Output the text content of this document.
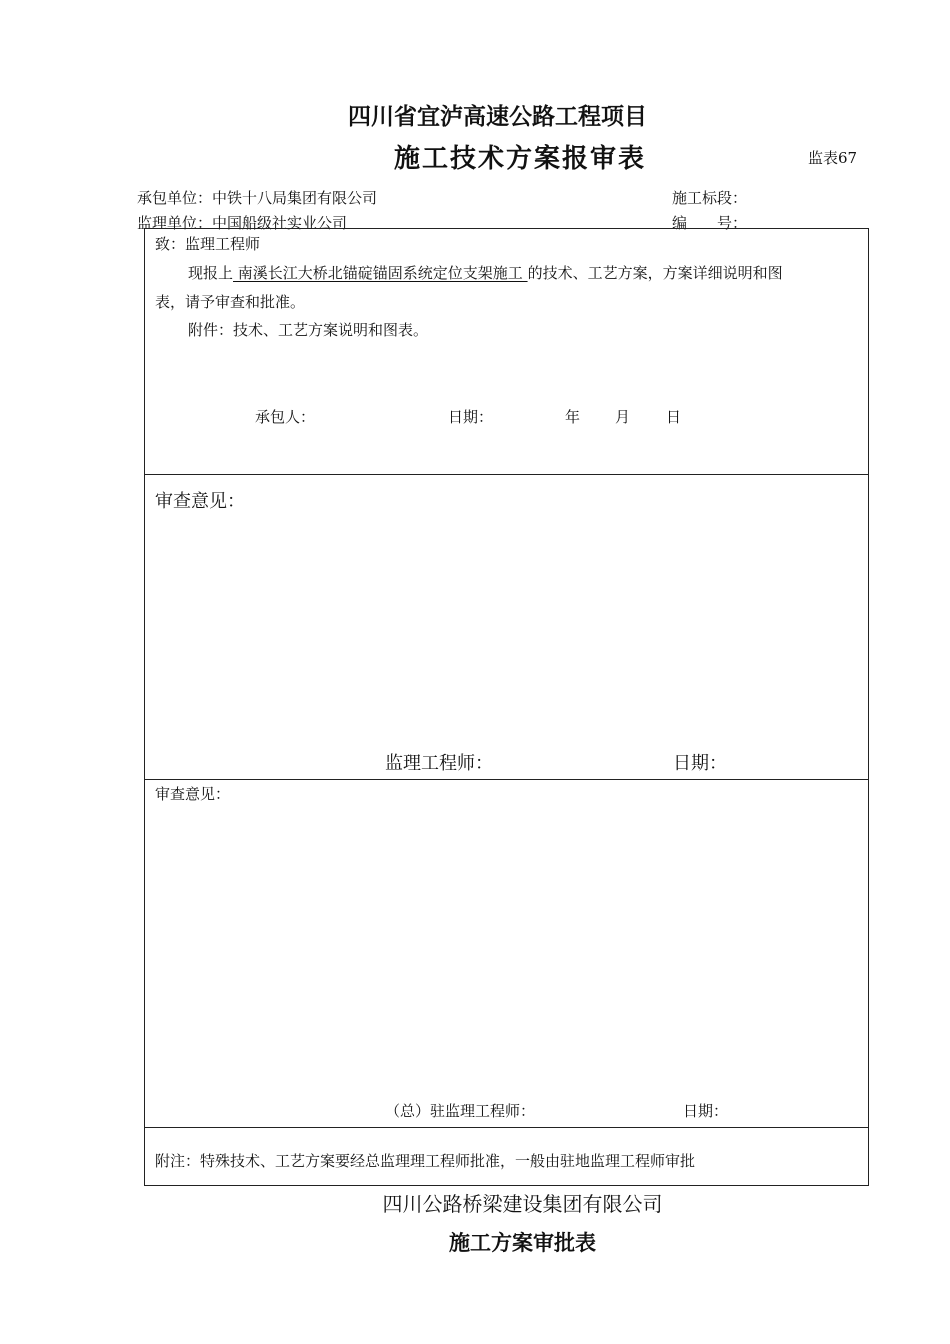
四川省宜泸高速公路工程项目
施工技术方案报审表	监表67
承包单位：中铁十八局集团有限公司	施工标段：
监理单位：中国船级社实业公司	编　　号：
致：监理工程师
现报上 南溪长江大桥北锚碇锚固系统定位支架施工 的技术、工艺方案，方案详细说明和图
表，请予审查和批准。
附件：技术、工艺方案说明和图表。
承包人：	日期：	年 月 日
审查意见：
监理工程师：	日期：
审查意见：
（总）驻监理工程师：	日期：
附注：特殊技术、工艺方案要经总监理理工程师批准，一般由驻地监理工程师审批
四川公路桥梁建设集团有限公司
施工方案审批表
